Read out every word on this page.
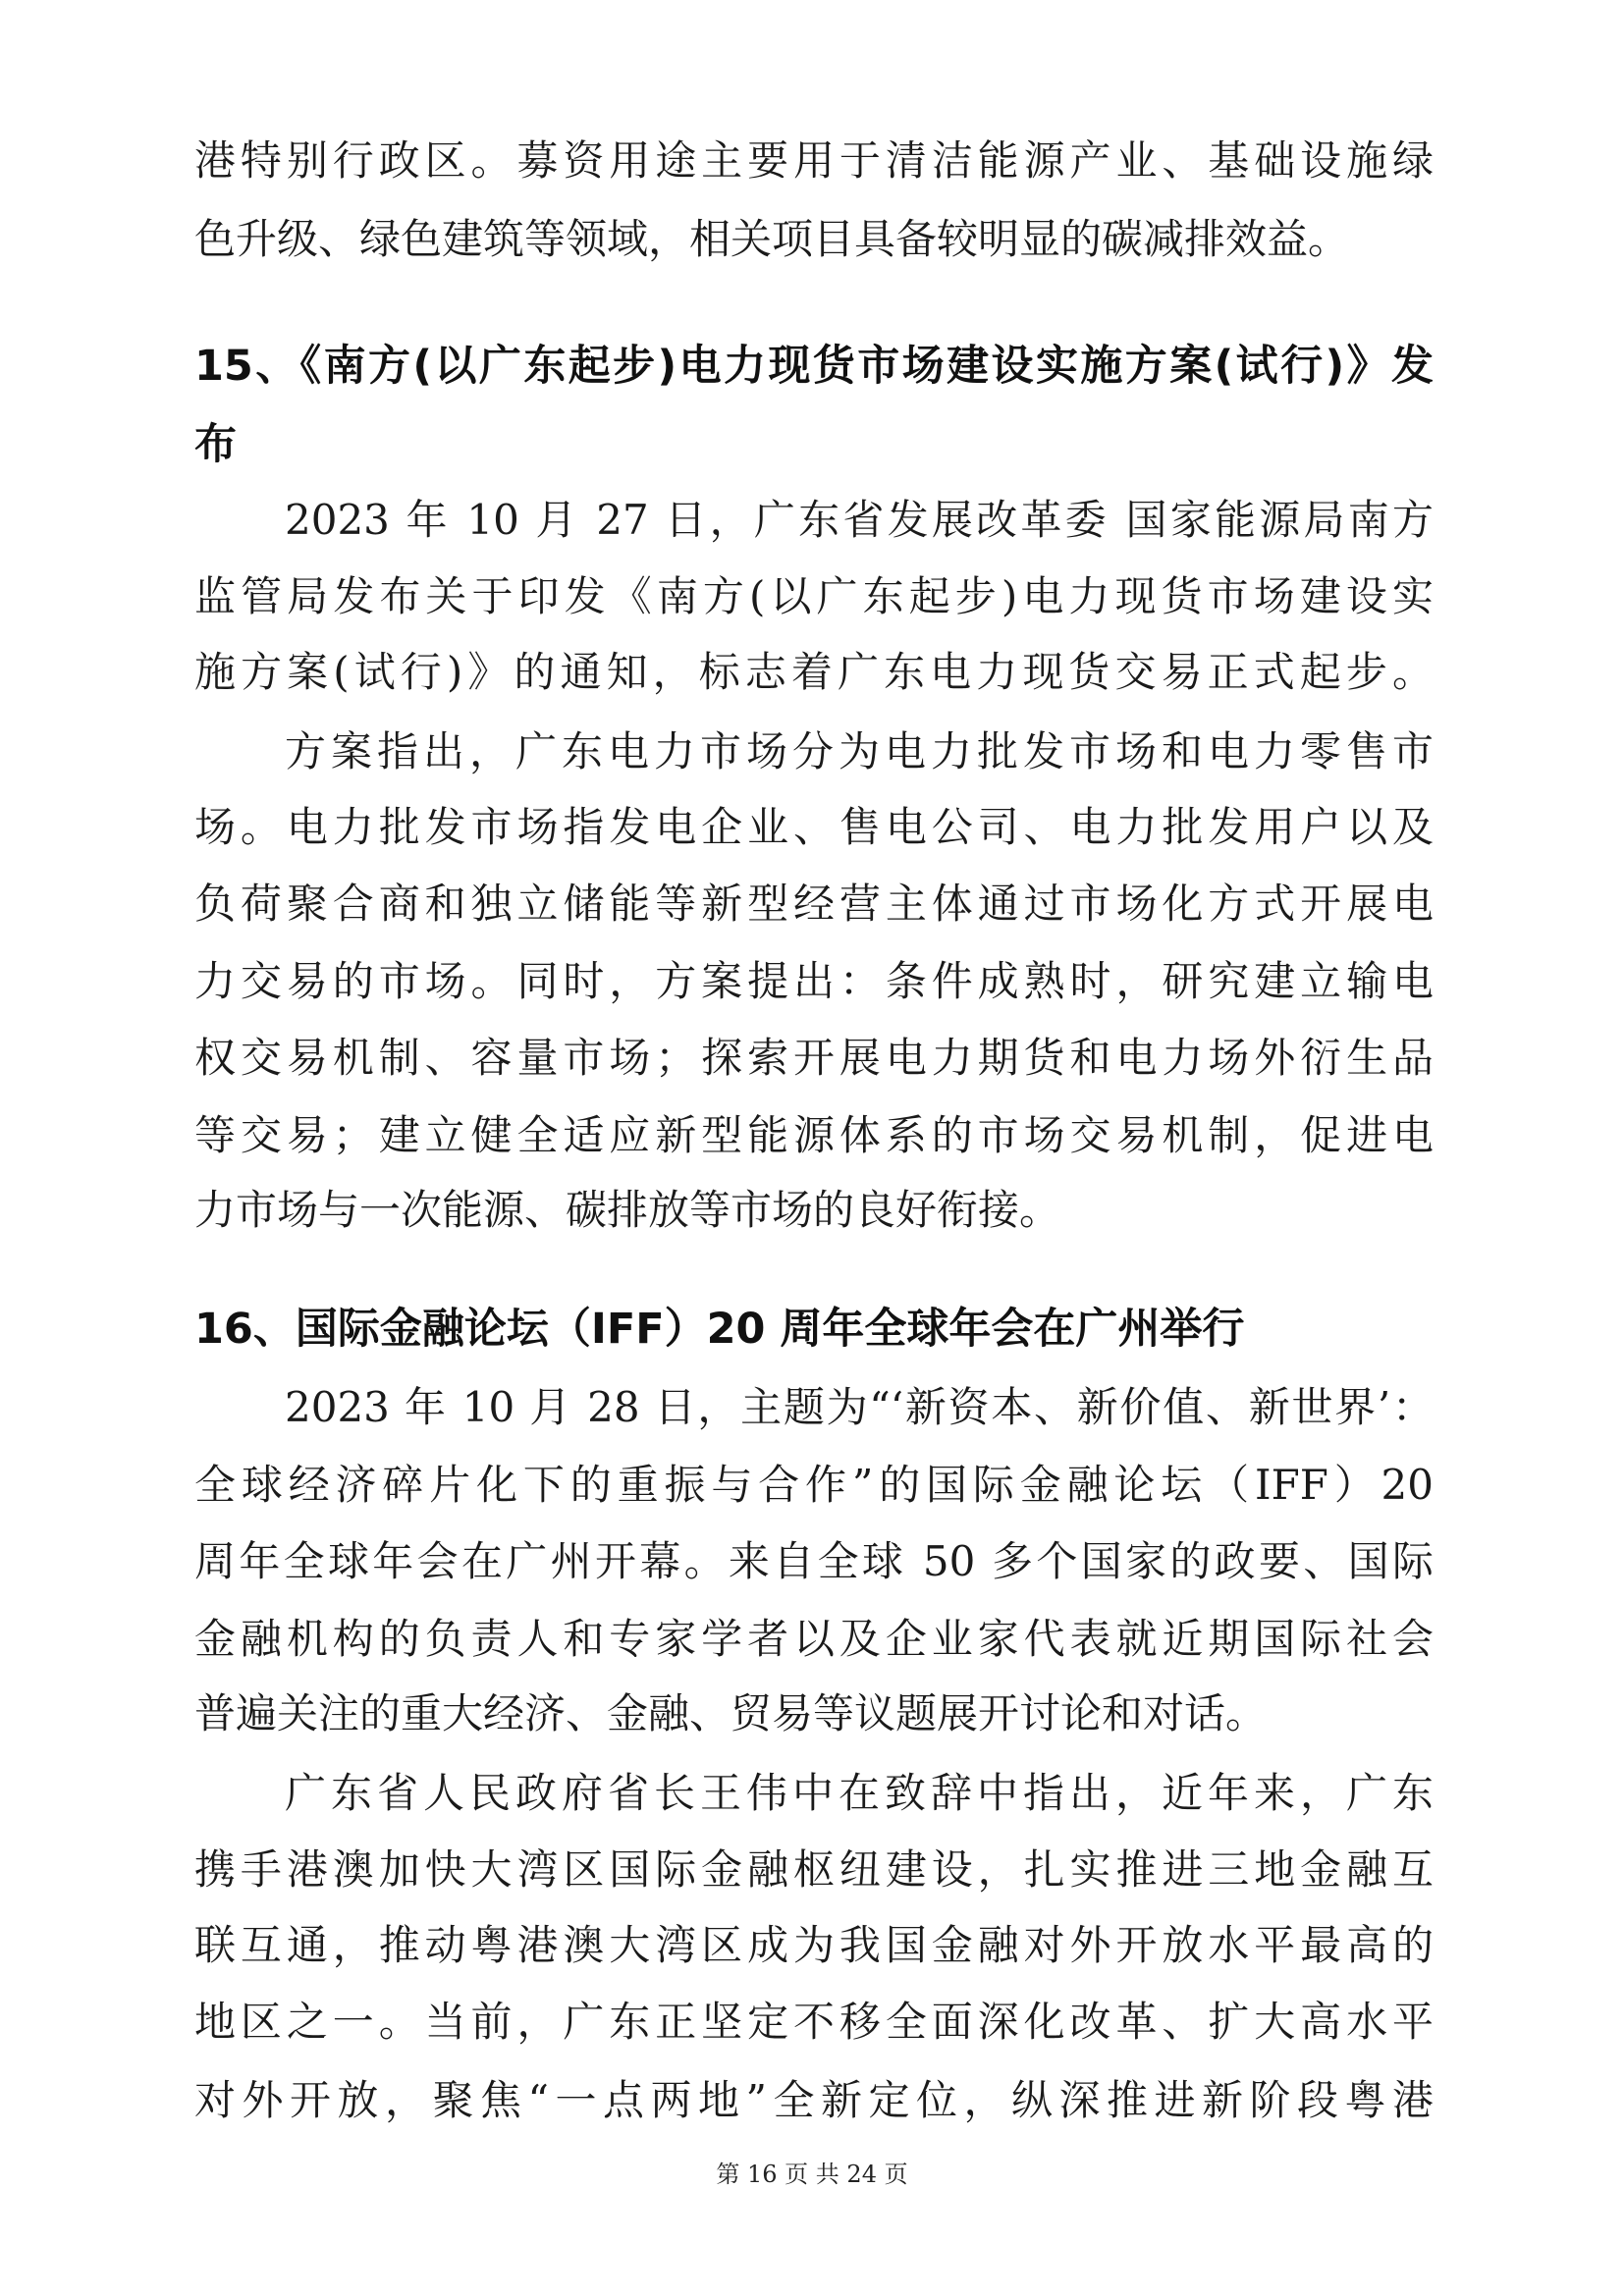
港特别行政区。募资用途主要用于清洁能源产业、基础设施绿
色升级、绿色建筑等领域，相关项目具备较明显的碳减排效益。
15、《南方(以广东起步)电力现货市场建设实施方案(试行)》发
布
2023 年 10 月 27 日，广东省发展改革委 国家能源局南方
监管局发布关于印发《南方(以广东起步)电力现货市场建设实
施方案(试行)》的通知，标志着广东电力现货交易正式起步。
方案指出，广东电力市场分为电力批发市场和电力零售市
场。电力批发市场指发电企业、售电公司、电力批发用户以及
负荷聚合商和独立储能等新型经营主体通过市场化方式开展电
力交易的市场。同时，方案提出：条件成熟时，研究建立输电
权交易机制、容量市场；探索开展电力期货和电力场外衍生品
等交易；建立健全适应新型能源体系的市场交易机制，促进电
力市场与一次能源、碳排放等市场的良好衔接。
16、国际金融论坛（IFF）20 周年全球年会在广州举行
2023 年 10 月 28 日，主题为“‘新资本、新价值、新世界’：
全球经济碎片化下的重振与合作”的国际金融论坛（IFF）20
周年全球年会在广州开幕。来自全球 50 多个国家的政要、国际
金融机构的负责人和专家学者以及企业家代表就近期国际社会
普遍关注的重大经济、金融、贸易等议题展开讨论和对话。
广东省人民政府省长王伟中在致辞中指出，近年来，广东
携手港澳加快大湾区国际金融枢纽建设，扎实推进三地金融互
联互通，推动粤港澳大湾区成为我国金融对外开放水平最高的
地区之一。当前，广东正坚定不移全面深化改革、扩大高水平
对外开放，聚焦“一点两地”全新定位，纵深推进新阶段粤港
第 16 页 共 24 页
